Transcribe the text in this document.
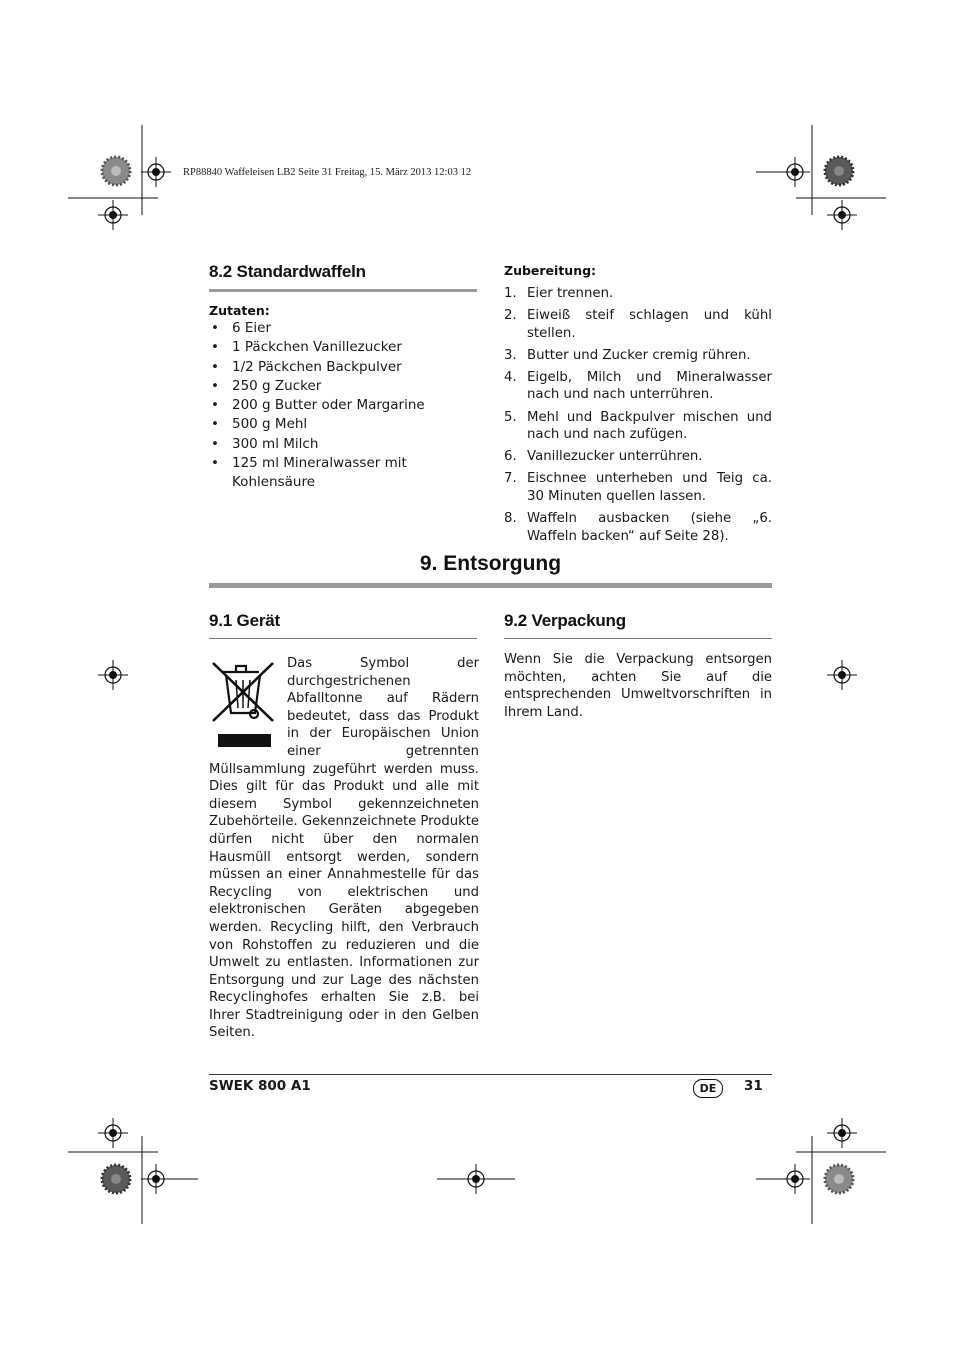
RP88840 Waffeleisen LB2 Seite 31 Freitag, 15. März 2013 12:03 12
8.2 Standardwaffeln
Zutaten:
• 6 Eier
• 1 Päckchen Vanillezucker
• 1/2 Päckchen Backpulver
• 250 g Zucker
• 200 g Butter oder Margarine
• 500 g Mehl
• 300 ml Milch
• 125 ml Mineralwasser mit Kohlensäure
Zubereitung:
1. Eier trennen.
2. Eiweiß steif schlagen und kühl stellen.
3. Butter und Zucker cremig rühren.
4. Eigelb, Milch und Mineralwasser nach und nach unterrühren.
5. Mehl und Backpulver mischen und nach und nach zufügen.
6. Vanillezucker unterrühren.
7. Eischnee unterheben und Teig ca. 30 Minuten quellen lassen.
8. Waffeln ausbacken (siehe „6. Waffeln backen“ auf Seite 28).
9. Entsorgung
9.1 Gerät
Das Symbol der durchgestrichenen Abfalltonne auf Rädern bedeutet, dass das Produkt in der Europäischen Union einer getrennten Müllsammlung zugeführt werden muss. Dies gilt für das Produkt und alle mit diesem Symbol gekennzeichneten Zubehörteile. Gekennzeichnete Produkte dürfen nicht über den normalen Hausmüll entsorgt werden, sondern müssen an einer Annahmestelle für das Recycling von elektrischen und elektronischen Geräten abgegeben werden. Recycling hilft, den Verbrauch von Rohstoffen zu reduzieren und die Umwelt zu entlasten. Informationen zur Entsorgung und zur Lage des nächsten Recyclinghofes erhalten Sie z.B. bei Ihrer Stadtreinigung oder in den Gelben Seiten.
9.2 Verpackung
Wenn Sie die Verpackung entsorgen möchten, achten Sie auf die entsprechenden Umweltvorschriften in Ihrem Land.
SWEK 800 A1	DE	31
